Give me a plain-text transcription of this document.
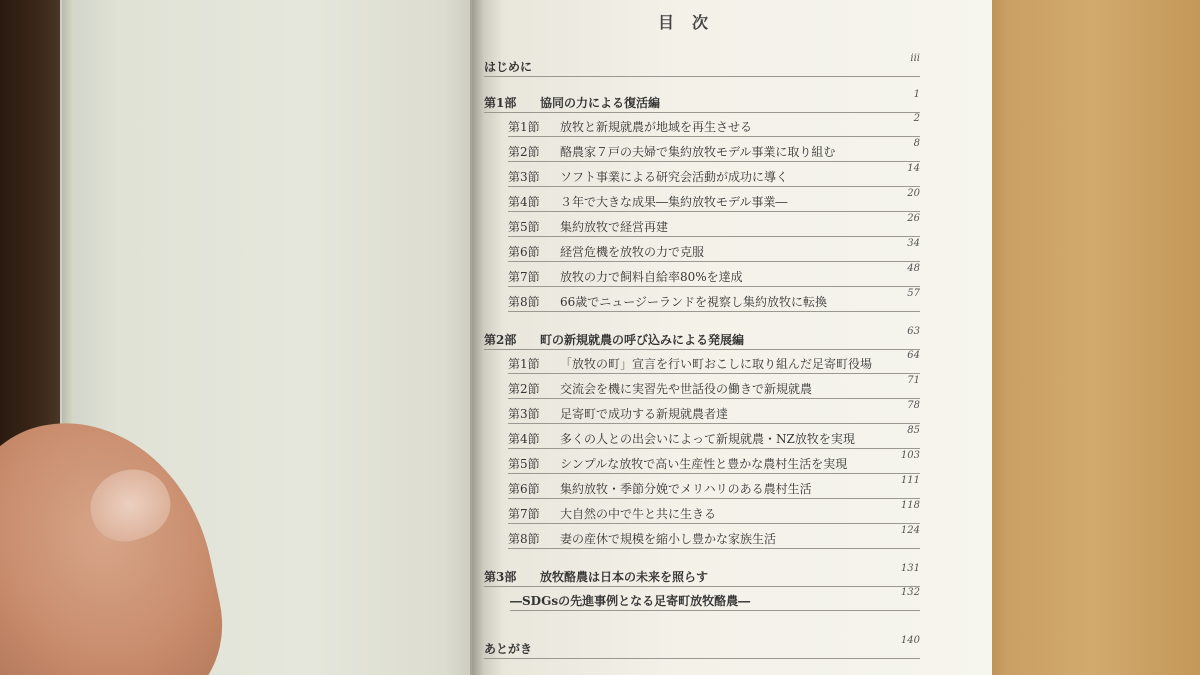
目次
はじめに
iii
第1部 協同の力による復活編
1
第1節 放牧と新規就農が地域を再生させる
2
第2節 酪農家７戸の夫婦で集約放牧モデル事業に取り組む
8
第3節 ソフト事業による研究会活動が成功に導く
14
第4節 ３年で大きな成果―集約放牧モデル事業―
20
第5節 集約放牧で経営再建
26
第6節 経営危機を放牧の力で克服
34
第7節 放牧の力で飼料自給率80%を達成
48
第8節 66歳でニュージーランドを視察し集約放牧に転換
57
第2部 町の新規就農の呼び込みによる発展編
63
第1節 「放牧の町」宣言を行い町おこしに取り組んだ足寄町役場
64
第2節 交流会を機に実習先や世話役の働きで新規就農
71
第3節 足寄町で成功する新規就農者達
78
第4節 多くの人との出会いによって新規就農・NZ放牧を実現
85
第5節 シンプルな放牧で高い生産性と豊かな農村生活を実現
103
第6節 集約放牧・季節分娩でメリハリのある農村生活
111
第7節 大自然の中で牛と共に生きる
118
第8節 妻の産休で規模を縮小し豊かな家族生活
124
第3部 放牧酪農は日本の未来を照らす
131
―SDGsの先進事例となる足寄町放牧酪農―
132
あとがき
140
